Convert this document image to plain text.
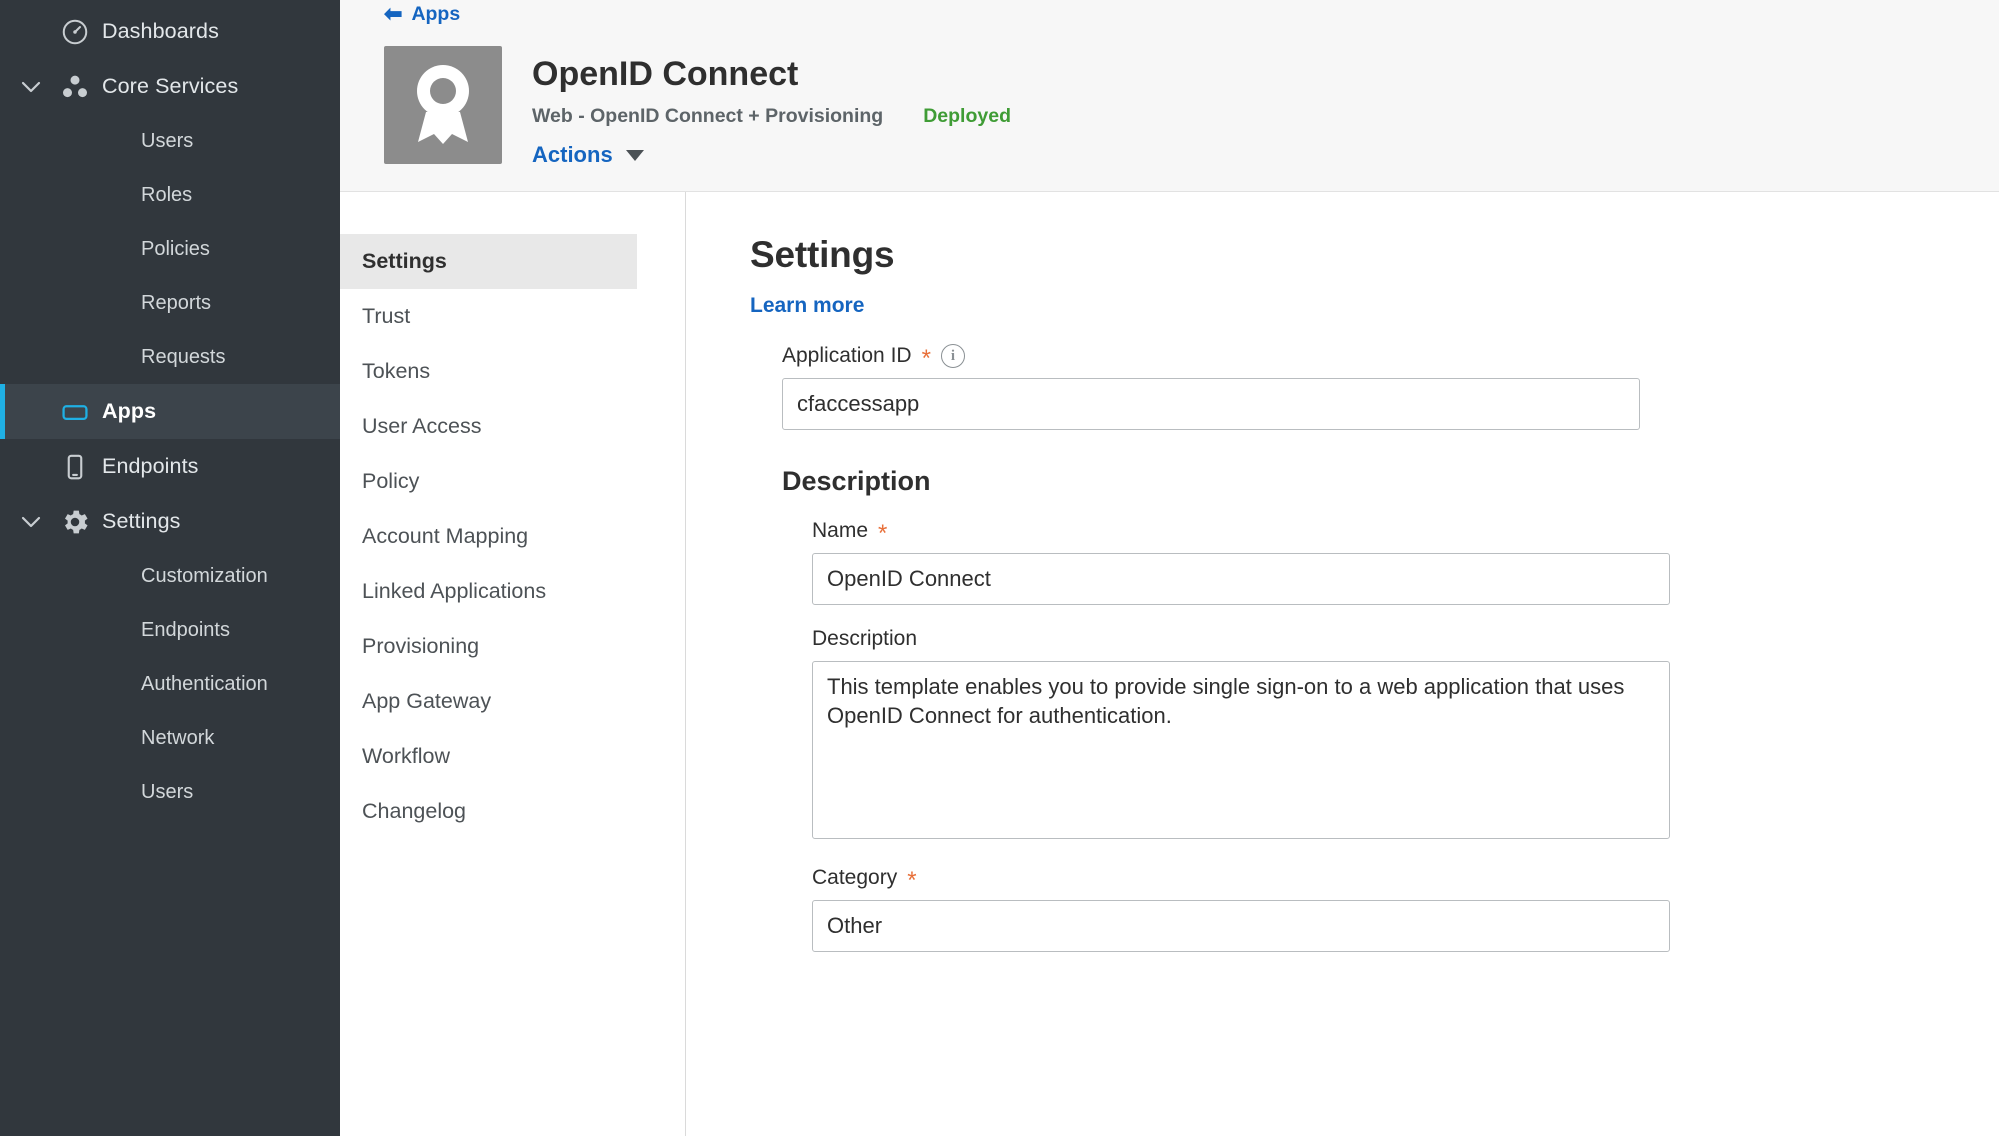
Dashboards
Core Services
Users
Roles
Policies
Reports
Requests
Apps
Endpoints
Settings
Customization
Endpoints
Authentication
Network
Users
⬅ Apps
OpenID Connect
Web - OpenID Connect + Provisioning Deployed
Actions
Settings
Trust
Tokens
User Access
Policy
Account Mapping
Linked Applications
Provisioning
App Gateway
Workflow
Changelog
Settings
Learn more
Application ID *	i
cfaccessapp
Description
Name *
OpenID Connect
Description
This template enables you to provide single sign-on to a web application that uses OpenID Connect for authentication.
Category *
Other
